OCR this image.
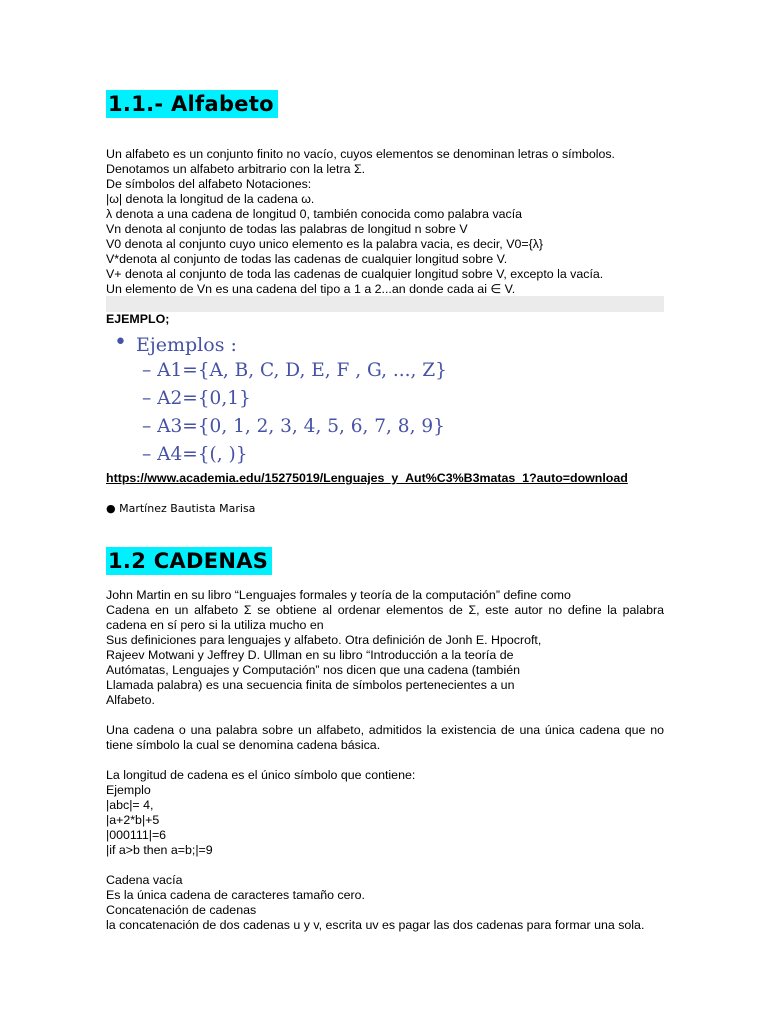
1.1.- Alfabeto

Un alfabeto es un conjunto finito no vacío, cuyos elementos se denominan letras o símbolos.

Denotamos un alfabeto arbitrario con la letra Σ.

De símbolos del alfabeto Notaciones:

|ω| denota la longitud de la cadena ω.

λ denota a una cadena de longitud 0, también conocida como palabra vacía

Vn denota al conjunto de todas las palabras de longitud n sobre V

V0 denota al conjunto cuyo unico elemento es la palabra vacia, es decir, V0={λ}

V*denota al conjunto de todas las cadenas de cualquier longitud sobre V.

V+ denota al conjunto de toda las cadenas de cualquier longitud sobre V, excepto la vacía.

Un elemento de Vn es una cadena del tipo a 1 a 2...an donde cada ai ∈ V.

EJEMPLO;
• Ejemplos :
– A1={A, B, C, D, E, F , G, ..., Z}
– A2={0,1}
– A3={0, 1, 2, 3, 4, 5, 6, 7, 8, 9}
– A4={(, )}
https://www.academia.edu/15275019/Lenguajes_y_Aut%C3%B3matas_1?auto=download
● Martínez Bautista Marisa
1.2 CADENAS

John Martin en su libro “Lenguajes formales y teoría de la computación” define como

Cadena en un alfabeto Σ se obtiene al ordenar elementos de Σ, este autor no define la palabra cadena en sí pero si la utiliza mucho en

Sus definiciones para lenguajes y alfabeto. Otra definición de Jonh E. Hpocroft,

Rajeev Motwani y Jeffrey D. Ullman en su libro “Introducción a la teoría de

Autómatas, Lenguajes y Computación” nos dicen que una cadena (también

Llamada palabra) es una secuencia finita de símbolos pertenecientes a un

Alfabeto.

Una cadena o una palabra sobre un alfabeto, admitidos la existencia de una única cadena que no tiene símbolo la cual se denomina cadena básica.

La longitud de cadena es el único símbolo que contiene:

Ejemplo

|abc|= 4,

|a+2*b|+5

|000111|=6

|if a>b then a=b;|=9

Cadena vacía

Es la única cadena de caracteres tamaño cero.

Concatenación de cadenas

la concatenación de dos cadenas u y v, escrita uv es pagar las dos cadenas para formar una sola.
